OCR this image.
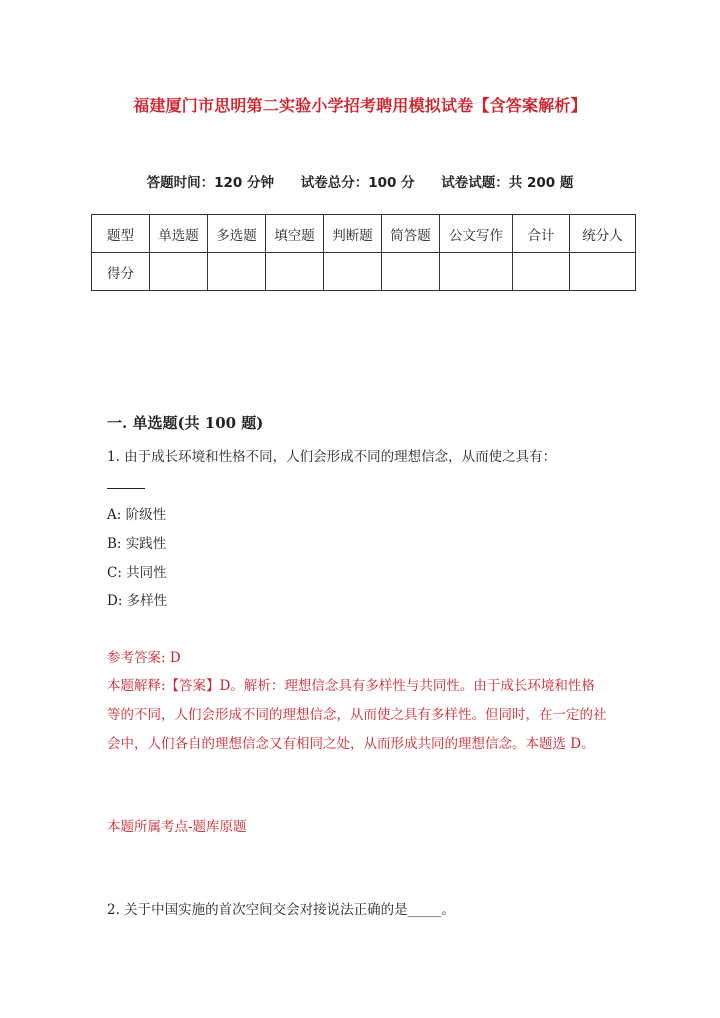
福建厦门市思明第二实验小学招考聘用模拟试卷【含答案解析】
答题时间：120 分钟 试卷总分：100 分 试卷试题：共 200 题
题型	单选题	多选题	填空题	判断题	简答题	公文写作	合计	统分人
得分								
一. 单选题(共 100 题)
1. 由于成长环境和性格不同，人们会形成不同的理想信念，从而使之具有：
A: 阶级性
B: 实践性
C: 共同性
D: 多样性
参考答案: D
本题解释:【答案】D。解析：理想信念具有多样性与共同性。由于成长环境和性格等的不同，人们会形成不同的理想信念，从而使之具有多样性。但同时，在一定的社会中，人们各自的理想信念又有相同之处，从而形成共同的理想信念。本题选 D。
本题所属考点-题库原题
2. 关于中国实施的首次空间交会对接说法正确的是_____。
